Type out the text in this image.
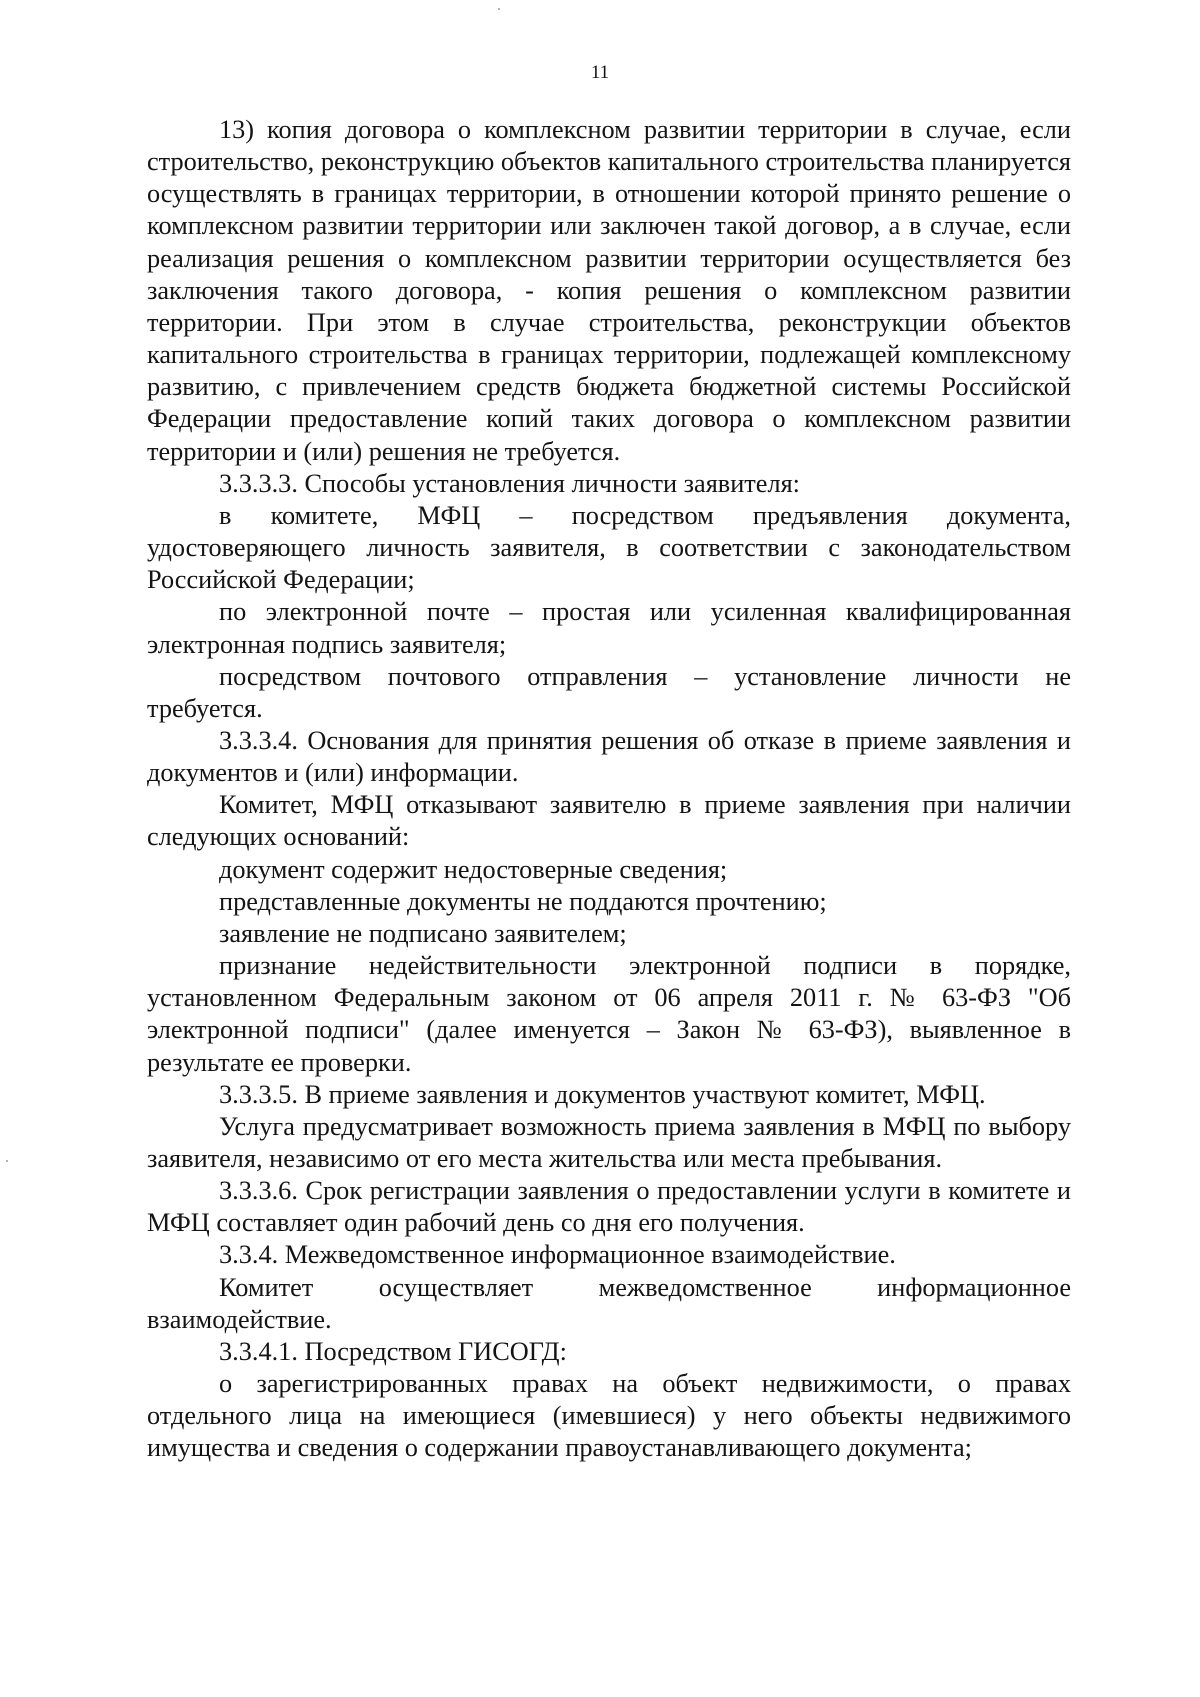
11

13) копия договора о комплексном развитии территории в случае, если строительство, реконструкцию объектов капитального строительства планируется осуществлять в границах территории, в отношении которой принято решение о комплексном развитии территории или заключен такой договор, а в случае, если реализация решения о комплексном развитии территории осуществляется без заключения такого договора, - копия решения о комплексном развитии территории. При этом в случае строительства, реконструкции объектов капитального строительства в границах территории, подлежащей комплексному развитию, с привлечением средств бюджета бюджетной системы Российской Федерации предоставление копий таких договора о комплексном развитии территории и (или) решения не требуется.

3.3.3.3. Способы установления личности заявителя:

в комитете, МФЦ – посредством предъявления документа, удостоверяющего личность заявителя, в соответствии с законодательством Российской Федерации;

по электронной почте – простая или усиленная квалифицированная электронная подпись заявителя;

посредством почтового отправления – установление личности не требуется.

3.3.3.4. Основания для принятия решения об отказе в приеме заявления и документов и (или) информации.

Комитет, МФЦ отказывают заявителю в приеме заявления при наличии следующих оснований:

документ содержит недостоверные сведения;

представленные документы не поддаются прочтению;

заявление не подписано заявителем;

признание недействительности электронной подписи в порядке, установленном Федеральным законом от 06 апреля 2011 г. № 63-ФЗ "Об электронной подписи" (далее именуется – Закон № 63-ФЗ), выявленное в результате ее проверки.

3.3.3.5. В приеме заявления и документов участвуют комитет, МФЦ.

Услуга предусматривает возможность приема заявления в МФЦ по выбору заявителя, независимо от его места жительства или места пребывания.

3.3.3.6. Срок регистрации заявления о предоставлении услуги в комитете и МФЦ составляет один рабочий день со дня его получения.

3.3.4. Межведомственное информационное взаимодействие.

Комитет осуществляет межведомственное информационное взаимодействие.

3.3.4.1. Посредством ГИСОГД:

о зарегистрированных правах на объект недвижимости, о правах отдельного лица на имеющиеся (имевшиеся) у него объекты недвижимого имущества и сведения о содержании правоустанавливающего документа;
